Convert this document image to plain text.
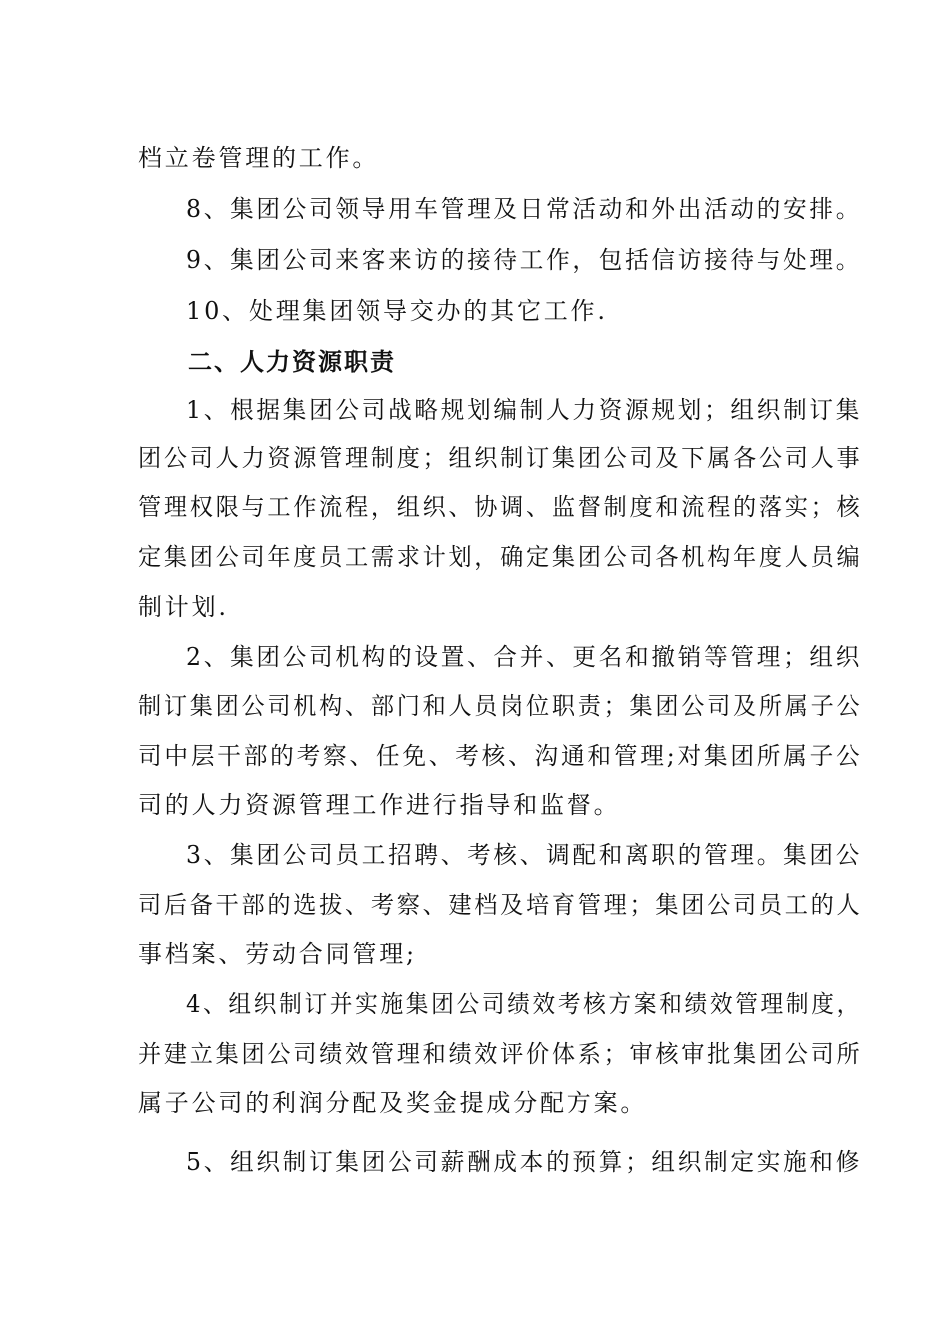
档立卷管理的工作。
8、集团公司领导用车管理及日常活动和外出活动的安排。
9、集团公司来客来访的接待工作，包括信访接待与处理。
10、处理集团领导交办的其它工作.
二、人力资源职责
1、根据集团公司战略规划编制人力资源规划；组织制订集
团公司人力资源管理制度；组织制订集团公司及下属各公司人事
管理权限与工作流程，组织、协调、监督制度和流程的落实；核
定集团公司年度员工需求计划，确定集团公司各机构年度人员编
制计划.
2、集团公司机构的设置、合并、更名和撤销等管理；组织
制订集团公司机构、部门和人员岗位职责；集团公司及所属子公
司中层干部的考察、任免、考核、沟通和管理;对集团所属子公
司的人力资源管理工作进行指导和监督。
3、集团公司员工招聘、考核、调配和离职的管理。集团公
司后备干部的选拔、考察、建档及培育管理；集团公司员工的人
事档案、劳动合同管理;
4、组织制订并实施集团公司绩效考核方案和绩效管理制度，
并建立集团公司绩效管理和绩效评价体系；审核审批集团公司所
属子公司的利润分配及奖金提成分配方案。
5、组织制订集团公司薪酬成本的预算；组织制定实施和修
